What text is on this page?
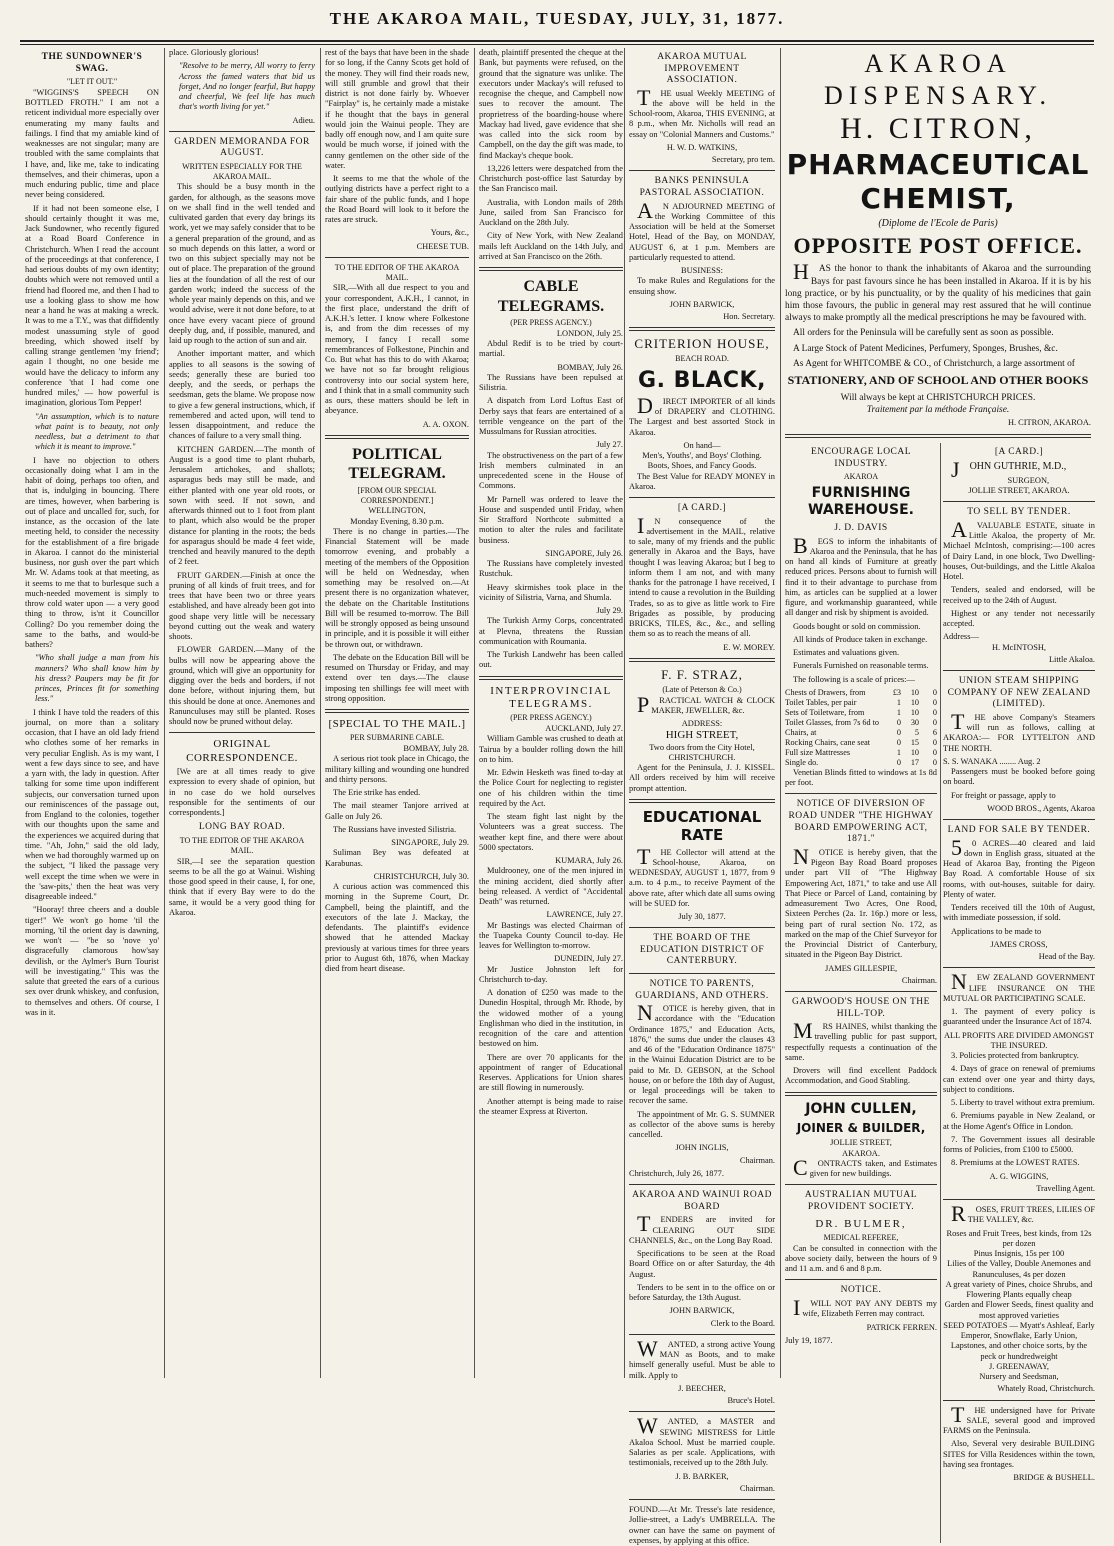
THE AKAROA MAIL, TUESDAY, JULY, 31, 1877.
THE SUNDOWNER'S SWAG.
"LET IT OUT."

"WIGGINS'S SPEECH ON BOTTLED FROTH." I am not a reticent individual more especially over enumerating my many faults and failings. I find that my amiable kind of weaknesses are not singular; many are troubled with the same complaints that I have, and, like me, take to indicating themselves, and their chimeras, upon a much enduring public, time and place never being considered.

If it had not been someone else, I should certainly thought it was me, Jack Sundowner, who recently figured at a Road Board Conference in Christchurch. When I read the account of the proceedings at that conference, I had serious doubts of my own identity; doubts which were not removed until a friend had floored me, and then I had to use a looking glass to show me how near a hand he was at making a wreck. It was to me a T.Y., was that diffidently modest unassuming style of good breeding, which showed itself by calling strange gentlemen 'my friend'; again I thought, no one beside me would have the delicacy to inform any conference 'that I had come one hundred miles,' — how powerful is imagination, glorious Tom Pepper!

"An assumption, which is to nature what paint is to beauty, not only needless, but a detriment to that which it is meant to improve."

I have no objection to others occasionally doing what I am in the habit of doing, perhaps too often, and that is, indulging in bouncing. There are times, however, when barbering is out of place and uncalled for, such, for instance, as the occasion of the late meeting held, to consider the necessity for the establishment of a fire brigade in Akaroa. I cannot do the ministerial business, nor gush over the part which Mr. W. Adams took at that meeting, as it seems to me that to burlesque such a much-needed movement is simply to throw cold water upon — a very good thing to throw, is'nt it Councillor Colling? Do you remember doing the same to the baths, and would-be bathers?

"Who shall judge a man from his manners? Who shall know him by his dress? Paupers may be fit for princes, Princes fit for something less."

I think I have told the readers of this journal, on more than a solitary occasion, that I have an old lady friend who clothes some of her remarks in very peculiar English. As is my want, I went a few days since to see, and have a yarn with, the lady in question. After talking for some time upon indifferent subjects, our conversation turned upon our reminiscences of the passage out, from England to the colonies, together with our thoughts upon the same and the experiences we acquired during that time. "Ah, John," said the old lady, when we had thoroughly warmed up on the subject, "I liked the passage very well except the time when we were in the 'saw-pits,' then the heat was very disagreeable indeed."

"Hooray! three cheers and a double tiger!" We won't go home 'til the morning, 'til the orient day is dawning, we won't — "be so 'nove yo' disgracefully clamorous how'say devilish, or the Aylmer's Burn Tourist will be investigating." This was the salute that greeted the ears of a curious sex over drunk whiskey, and confusion, to themselves and others. Of course, I was in it.

place. Gloriously glorious!

"Resolve to be merry, All worry to ferry Across the famed waters that bid us forget, And no longer fearful, But happy and cheerful, We feel life has much that's worth living for yet."

Adieu.
GARDEN MEMORANDA FOR AUGUST.
WRITTEN ESPECIALLY FOR THE AKAROA MAIL.

This should be a busy month in the garden, for although, as the seasons move on we shall find in the well tended and cultivated garden that every day brings its work, yet we may safely consider that to be a general preparation of the ground, and as so much depends on this latter, a word or two on this subject specially may not be out of place. The preparation of the ground lies at the foundation of all the rest of our garden work; indeed the success of the whole year mainly depends on this, and we would advise, were it not done before, to at once have every vacant piece of ground deeply dug, and, if possible, manured, and laid up rough to the action of sun and air.

Another important matter, and which applies to all seasons is the sowing of seeds; generally these are buried too deeply, and the seeds, or perhaps the seedsman, gets the blame. We propose now to give a few general instructions, which, if remembered and acted upon, will tend to lessen disappointment, and reduce the chances of failure to a very small thing.

KITCHEN GARDEN.—The month of August is a good time to plant rhubarb, Jerusalem artichokes, and shallots; asparagus beds may still be made, and either planted with one year old roots, or sown with seed. If not sown, and afterwards thinned out to 1 foot from plant to plant, which also would be the proper distance for planting in the roots; the beds for asparagus should be made 4 feet wide, trenched and heavily manured to the depth of 2 feet.

FRUIT GARDEN.—Finish at once the pruning of all kinds of fruit trees, and for trees that have been two or three years established, and have already been got into good shape very little will be necessary beyond cutting out the weak and watery shoots.

FLOWER GARDEN.—Many of the bulbs will now be appearing above the ground, which will give an opportunity for digging over the beds and borders, if not done before, without injuring them, but this should be done at once. Anemones and Ranunculuses may still be planted. Roses should now be pruned without delay.

ORIGINAL CORRESPONDENCE.

[We are at all times ready to give expression to every shade of opinion, but in no case do we hold ourselves responsible for the sentiments of our correspondents.]

LONG BAY ROAD.
TO THE EDITOR OF THE AKAROA MAIL.

SIR,—I see the separation question seems to be all the go at Wainui. Wishing those good speed in their cause, I, for one, think that if every Bay were to do the same, it would be a very good thing for Akaroa.

rest of the bays that have been in the shade for so long, if the Canny Scots get hold of the money. They will find their roads new, will still grumble and growl that their district is not done fairly by. Whoever "Fairplay" is, he certainly made a mistake if he thought that the bays in general would join the Wainui people. They are badly off enough now, and I am quite sure would be much worse, if joined with the canny gentlemen on the other side of the water.

It seems to me that the whole of the outlying districts have a perfect right to a fair share of the public funds, and I hope the Road Board will look to it before the rates are struck.

Yours, &c.,
CHEESE TUB.
TO THE EDITOR OF THE AKAROA MAIL.

SIR,—With all due respect to you and your correspondent, A.K.H., I cannot, in the first place, understand the drift of A.K.H.'s letter. I know where Folkestone is, and from the dim recesses of my memory, I fancy I recall some remembrances of Folkestone, Pinchin and Co. But what has this to do with Akaroa; we have not so far brought religious controversy into our social system here, and I think that in a small community such as ours, these matters should be left in abeyance.

A. A. OXON.
POLITICAL TELEGRAM.
[FROM OUR SPECIAL CORRESPONDENT.]
WELLINGTON,
Monday Evening, 8.30 p.m.

There is no change in parties.—The Financial Statement will be made tomorrow evening, and probably a meeting of the members of the Opposition will be held on Wednesday, when something may be resolved on.—At present there is no organization whatever, the debate on the Charitable Institutions Bill will be resumed to-morrow. The Bill will be strongly opposed as being unsound in principle, and it is possible it will either be thrown out, or withdrawn.

The debate on the Education Bill will be resumed on Thursday or Friday, and may extend over ten days.—The clause imposing ten shillings fee will meet with strong opposition.

[SPECIAL TO THE MAIL.]
PER SUBMARINE CABLE.
BOMBAY, July 28.

A serious riot took place in Chicago, the military killing and wounding one hundred and thirty persons.

The Erie strike has ended.

The mail steamer Tanjore arrived at Galle on July 26.

The Russians have invested Silistria.

SINGAPORE, July 29.

Suliman Bey was defeated at Karabunas.

CHRISTCHURCH, July 30.

A curious action was commenced this morning in the Supreme Court, Dr. Campbell, being the plaintiff, and the executors of the late J. Mackay, the defendants. The plaintiff's evidence showed that he attended Mackay previously at various times for three years prior to August 6th, 1876, when Mackay died from heart disease.

death, plaintiff presented the cheque at the Bank, but payments were refused, on the ground that the signature was unlike. The executors under Mackay's will refused to recognise the cheque, and Campbell now sues to recover the amount. The proprietress of the boarding-house where Mackay had lived, gave evidence that she was called into the sick room by Campbell, on the day the gift was made, to find Mackay's cheque book.

13,226 letters were despatched from the Christchurch post-office last Saturday by the San Francisco mail.

Australia, with London mails of 28th June, sailed from San Francisco for Auckland on the 28th July.

City of New York, with New Zealand mails left Auckland on the 14th July, and arrived at San Francisco on the 26th.

CABLE TELEGRAMS.
(PER PRESS AGENCY.)
LONDON, July 25.

Abdul Redif is to be tried by court-martial.

BOMBAY, July 26.

The Russians have been repulsed at Silistria.

A dispatch from Lord Loftus East of Derby says that fears are entertained of a terrible vengeance on the part of the Mussulmans for Russian atrocities.

July 27.

The obstructiveness on the part of a few Irish members culminated in an unprecedented scene in the House of Commons.

Mr Parnell was ordered to leave the House and suspended until Friday, when Sir Strafford Northcote submitted a motion to alter the rules and facilitate business.

SINGAPORE, July 26.

The Russians have completely invested Rustchuk.

Heavy skirmishes took place in the vicinity of Silistria, Varna, and Shumla.

July 29.

The Turkish Army Corps, concentrated at Plevna, threatens the Russian communication with Roumania.

The Turkish Landwehr has been called out.

INTERPROVINCIAL TELEGRAMS.
(PER PRESS AGENCY.)
AUCKLAND, July 27.

William Gamble was crushed to death at Tairua by a boulder rolling down the hill on to him.

Mr. Edwin Hesketh was fined to-day at the Police Court for neglecting to register one of his children within the time required by the Act.

The steam fight last night by the Volunteers was a great success. The weather kept fine, and there were about 5000 spectators.

KUMARA, July 26.

Muldrooney, one of the men injured in the mining accident, died shortly after being released. A verdict of "Accidental Death" was returned.

LAWRENCE, July 27.

Mr Bastings was elected Chairman of the Tuapeka County Council to-day. He leaves for Wellington to-morrow.

DUNEDIN, July 27.

Mr Justice Johnston left for Christchurch to-day.

A donation of £250 was made to the Dunedin Hospital, through Mr. Rhode, by the widowed mother of a young Englishman who died in the institution, in recognition of the care and attention bestowed on him.

There are over 70 applicants for the appointment of ranger of Educational Reserves. Applications for Union shares are still flowing in numerously.

Another attempt is being made to raise the steamer Express at Riverton.

AKAROA MUTUAL IMPROVEMENT ASSOCIATION.

THE usual Weekly MEETING of the above will be held in the School-room, Akaroa, THIS EVENING, at 8 p.m., when Mr. Nicholls will read an essay on "Colonial Manners and Customs."

H. W. D. WATKINS,
Secretary, pro tem.
BANKS PENINSULA PASTORAL ASSOCIATION.

AN ADJOURNED MEETING of the Working Committee of this Association will be held at the Somerset Hotel, Head of the Bay, on MONDAY, AUGUST 6, at 1 p.m. Members are particularly requested to attend.

BUSINESS:

To make Rules and Regulations for the ensuing show.

JOHN BARWICK,
Hon. Secretary.
CRITERION HOUSE,
BEACH ROAD.
G. BLACK,

DIRECT IMPORTER of all kinds of DRAPERY and CLOTHING. The Largest and best assorted Stock in Akaroa.

On hand—
Men's, Youths', and Boys' Clothing.
Boots, Shoes, and Fancy Goods.

The Best Value for READY MONEY in Akaroa.

[A CARD.]

IN consequence of the advertisement in the MAIL, relative to sale, many of my friends and the public generally in Akaroa and the Bays, have thought I was leaving Akaroa; but I beg to inform them I am not, and with many thanks for the patronage I have received, I intend to cause a revolution in the Building Trades, so as to give as little work to Fire Brigades as possible, by producing BRICKS, TILES, &c., &c., and selling them so as to reach the means of all.

E. W. MOREY.
F. F. STRAZ,
(Late of Peterson & Co.)

PRACTICAL WATCH & CLOCK MAKER, JEWELLER, &c.

ADDRESS:
HIGH STREET,
Two doors from the City Hotel,
CHRISTCHURCH.

Agent for the Peninsula, J. J. KISSEL. All orders received by him will receive prompt attention.

EDUCATIONAL RATE

THE Collector will attend at the School-house, Akaroa, on WEDNESDAY, AUGUST 1, 1877, from 9 a.m. to 4 p.m., to receive Payment of the above rate, after which date all sums owing will be SUED for.

July 30, 1877.
THE BOARD OF THE EDUCATION DISTRICT OF CANTERBURY.
NOTICE TO PARENTS, GUARDIANS, AND OTHERS.

NOTICE is hereby given, that in accordance with the "Education Ordinance 1875," and Education Acts, 1876," the sums due under the clauses 43 and 46 of the "Education Ordinance 1875" in the Wainui Education District are to be paid to Mr. D. GEBSON, at the School house, on or before the 18th day of August, or legal proceedings will be taken to recover the same.

The appointment of Mr. G. S. SUMNER as collector of the above sums is hereby cancelled.

JOHN INGLIS,
Chairman.
Christchurch, July 26, 1877.
AKAROA AND WAINUI ROAD BOARD

TENDERS are invited for CLEARING OUT SIDE CHANNELS, &c., on the Long Bay Road.

Specifications to be seen at the Road Board Office on or after Saturday, the 4th August.

Tenders to be sent in to the office on or before Saturday, the 13th August.

JOHN BARWICK,
Clerk to the Board.

WANTED, a strong active Young MAN as Boots, and to make himself generally useful. Must be able to milk. Apply to

J. BEECHER,
Bruce's Hotel.

WANTED, a MASTER and SEWING MISTRESS for Little Akaloa School. Must be married couple. Salaries as per scale. Applications, with testimonials, received up to the 28th July.

J. B. BARKER,
Chairman.

FOUND.—At Mr. Tresse's late residence, Jollie-street, a Lady's UMBRELLA. The owner can have the same on payment of expenses, by applying at this office.

AKAROA DISPENSARY.
H. CITRON,
PHARMACEUTICAL CHEMIST,
(Diplome de l'Ecole de Paris)
OPPOSITE POST OFFICE.

HAS the honor to thank the inhabitants of Akaroa and the surrounding Bays for past favours since he has been installed in Akaroa. If it is by his long practice, or by his punctuality, or by the quality of his medicines that gain him those favours, the public in general may rest assured that he will continue always to make promptly all the medical prescriptions he may be favoured with.

All orders for the Peninsula will be carefully sent as soon as possible.

A Large Stock of Patent Medicines, Perfumery, Sponges, Brushes, &c.

As Agent for WHITCOMBE & CO., of Christchurch, a large assortment of

STATIONERY, AND OF SCHOOL AND OTHER BOOKS
Will always be kept at CHRISTCHURCH PRICES.
Traitement par la méthode Française.
H. CITRON, AKAROA.
ENCOURAGE LOCAL INDUSTRY.
AKAROA
FURNISHING WAREHOUSE.
J. D. DAVIS

BEGS to inform the inhabitants of Akaroa and the Peninsula, that he has on hand all kinds of Furniture at greatly reduced prices. Persons about to furnish will find it to their advantage to purchase from him, as articles can be supplied at a lower figure, and workmanship guaranteed, while all danger and risk by shipment is avoided.

Goods bought or sold on commission.

All kinds of Produce taken in exchange.

Estimates and valuations given.

Funerals Furnished on reasonable terms.

The following is a scale of prices:—

Chests of Drawers, from	£3	10	0
Toilet Tables, per pair	1	10	0
Sets of Toiletware, from	1	10	0
Toilet Glasses, from 7s 6d to	0	30	0
Chairs, at	0	5	6
Rocking Chairs, cane seat	0	15	0
Full size Mattresses	1	10	0
Single do.	0	17	0

Venetian Blinds fitted to windows at 1s 8d per foot.

NOTICE OF DIVERSION OF ROAD UNDER "THE HIGHWAY BOARD EMPOWERING ACT, 1871."

NOTICE is hereby given, that the Pigeon Bay Road Board proposes under part VII of "The Highway Empowering Act, 1871," to take and use All That Piece or Parcel of Land, containing by admeasurement Two Acres, One Rood, Sixteen Perches (2a. 1r. 16p.) more or less, being part of rural section No. 172, as marked on the map of the Chief Surveyor for the Provincial District of Canterbury, situated in the Pigeon Bay District.

JAMES GILLESPIE,
Chairman.
GARWOOD'S HOUSE ON THE HILL-TOP.

MRS HAINES, whilst thanking the travelling public for past support, respectfully requests a continuation of the same.

Drovers will find excellent Paddock Accommodation, and Good Stabling.

JOHN CULLEN,
JOINER & BUILDER,
JOLLIE STREET,
AKAROA.

CONTRACTS taken, and Estimates given for new buildings.

AUSTRALIAN MUTUAL PROVIDENT SOCIETY.
DR. BULMER,
MEDICAL REFEREE,

Can be consulted in connection with the above society daily, between the hours of 9 and 11 a.m. and 6 and 8 p.m.

NOTICE.

IWILL NOT PAY ANY DEBTS my wife, Elizabeth Ferren may contract.

PATRICK FERREN.
July 19, 1877.
[A CARD.]

JOHN GUTHRIE, M.D.,

SURGEON,
JOLLIE STREET, AKAROA.
TO SELL BY TENDER.

AVALUABLE ESTATE, situate in Little Akaloa, the property of Mr. Michael McIntosh, comprising:—100 acres of Dairy Land, in one block, Two Dwelling-houses, Out-buildings, and the Little Akaloa Hotel.

Tenders, sealed and endorsed, will be received up to the 24th of August.

Highest or any tender not necessarily accepted.

Address—
H. McINTOSH,
Little Akaloa.
UNION STEAM SHIPPING COMPANY OF NEW ZEALAND (LIMITED).

THE above Company's Steamers will run as follows, calling at AKAROA:— FOR LYTTELTON AND THE NORTH.

S. S. WANAKA ........ Aug. 2

Passengers must be booked before going on board.

For freight or passage, apply to

WOOD BROS., Agents, Akaroa
LAND FOR SALE BY TENDER.

50 ACRES—40 cleared and laid down in English grass, situated at the Head of Akaroa Bay, fronting the Pigeon Bay Road. A comfortable House of six rooms, with out-houses, suitable for dairy. Plenty of water.

Tenders received till the 10th of August, with immediate possession, if sold.

Applications to be made to

JAMES CROSS,
Head of the Bay.

NEW ZEALAND GOVERNMENT LIFE INSURANCE ON THE MUTUAL OR PARTICIPATING SCALE.

1. The payment of every policy is guaranteed under the Insurance Act of 1874.

ALL PROFITS ARE DIVIDED AMONGST THE INSURED.

3. Policies protected from bankruptcy.

4. Days of grace on renewal of premiums can extend over one year and thirty days, subject to conditions.

5. Liberty to travel without extra premium.

6. Premiums payable in New Zealand, or at the Home Agent's Office in London.

7. The Government issues all desirable forms of Policies, from £100 to £5000.

8. Premiums at the LOWEST RATES.

A. G. WIGGINS,
Travelling Agent.

ROSES, FRUIT TREES, LILIES OF THE VALLEY, &c.

Roses and Fruit Trees, best kinds, from 12s per dozen
Pinus Insignis, 15s per 100
Lilies of the Valley, Double Anemones and Ranunculuses, 4s per dozen
A great variety of Pines, choice Shrubs, and Flowering Plants equally cheap
Garden and Flower Seeds, finest quality and most approved varieties
SEED POTATOES — Myatt's Ashleaf, Early Emperor, Snowflake, Early Union, Lapstones, and other choice sorts, by the peck or hundredweight
J. GREENAWAY,
Nursery and Seedsman,
Whately Road, Christchurch.

THE undersigned have for Private SALE, several good and improved FARMS on the Peninsula.

Also, Several very desirable BUILDING SITES for Villa Residences within the town, having sea frontages.

BRIDGE & BUSHELL.
